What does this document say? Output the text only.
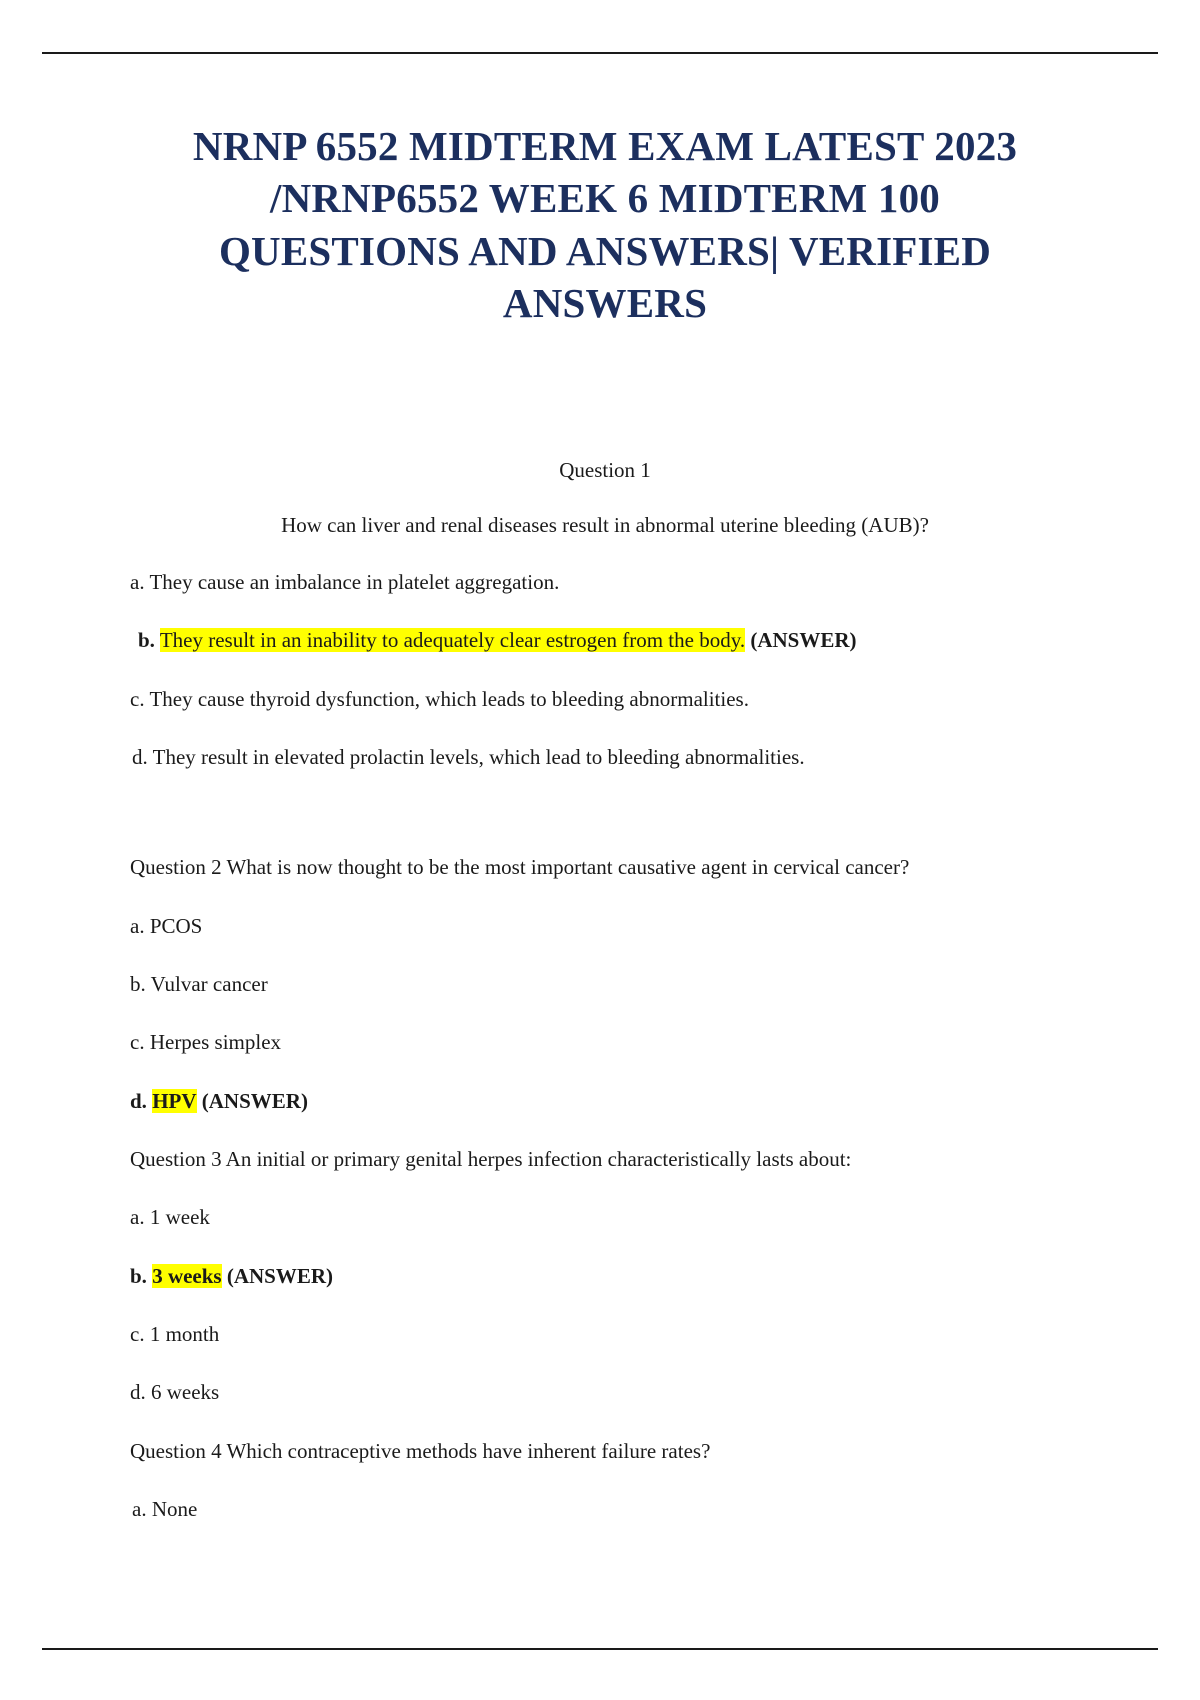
NRNP 6552 MIDTERM EXAM LATEST 2023 /NRNP6552 WEEK 6 MIDTERM 100 QUESTIONS AND ANSWERS| VERIFIED ANSWERS
Question 1
How can liver and renal diseases result in abnormal uterine bleeding (AUB)?
a. They cause an imbalance in platelet aggregation.
b. They result in an inability to adequately clear estrogen from the body. (ANSWER)
c. They cause thyroid dysfunction, which leads to bleeding abnormalities.
d. They result in elevated prolactin levels, which lead to bleeding abnormalities.
Question 2 What is now thought to be the most important causative agent in cervical cancer?
a. PCOS
b. Vulvar cancer
c. Herpes simplex
d. HPV (ANSWER)
Question 3 An initial or primary genital herpes infection characteristically lasts about:
a. 1 week
b. 3 weeks (ANSWER)
c. 1 month
d. 6 weeks
Question 4 Which contraceptive methods have inherent failure rates?
a. None
